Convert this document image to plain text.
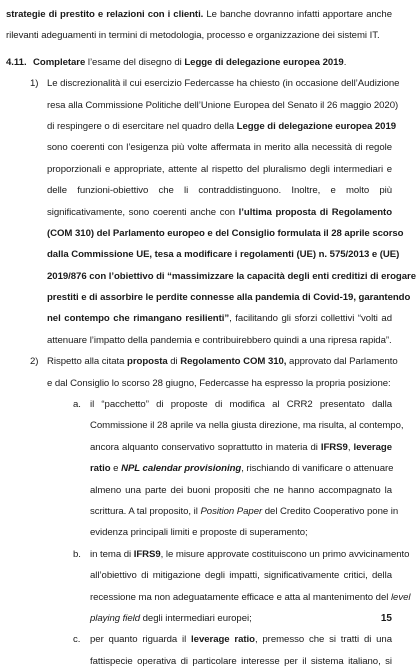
strategie di prestito e relazioni con i clienti. Le banche dovranno infatti apportare anche
rilevanti adeguamenti in termini di metodologia, processo e organizzazione dei sistemi IT.
4.11. Completare l’esame del disegno di Legge di delegazione europea 2019.
1) Le discrezionalità il cui esercizio Federcasse ha chiesto (in occasione dell’Audizione
resa alla Commissione Politiche dell’Unione Europea del Senato il 26 maggio 2020)
di respingere o di esercitare nel quadro della Legge di delegazione europea 2019
sono coerenti con l’esigenza più volte affermata in merito alla necessità di regole
proporzionali e appropriate, attente al rispetto del pluralismo degli intermediari e
delle funzioni-obiettivo che li contraddistinguono. Inoltre, e molto più
significativamente, sono coerenti anche con l’ultima proposta di Regolamento
(COM 310) del Parlamento europeo e del Consiglio formulata il 28 aprile scorso
dalla Commissione UE, tesa a modificare i regolamenti (UE) n. 575/2013 e (UE)
2019/876 con l’obiettivo di “massimizzare la capacità degli enti creditizi di erogare
prestiti e di assorbire le perdite connesse alla pandemia di Covid-19, garantendo
nel contempo che rimangano resilienti”, facilitando gli sforzi collettivi “volti ad
attenuare l’impatto della pandemia e contribuirebbero quindi a una ripresa rapida”.
2) Rispetto alla citata proposta di Regolamento COM 310, approvato dal Parlamento
e dal Consiglio lo scorso 28 giugno, Federcasse ha espresso la propria posizione:
a. il “pacchetto” di proposte di modifica al CRR2 presentato dalla
Commissione il 28 aprile va nella giusta direzione, ma risulta, al contempo,
ancora alquanto conservativo soprattutto in materia di IFRS9, leverage
ratio e NPL calendar provisioning, rischiando di vanificare o attenuare
almeno una parte dei buoni propositi che ne hanno accompagnato la
scrittura. A tal proposito, il Position Paper del Credito Cooperativo pone in
evidenza principali limiti e proposte di superamento;
b. in tema di IFRS9, le misure approvate costituiscono un primo avvicinamento
all’obiettivo di mitigazione degli impatti, significativamente critici, della
recessione ma non adeguatamente efficace e atta al mantenimento del level
playing field degli intermediari europei;
c.	per quanto riguarda il leverage ratio, premesso che si tratti di una
fattispecie operativa di particolare interesse per il sistema italiano, si
15
